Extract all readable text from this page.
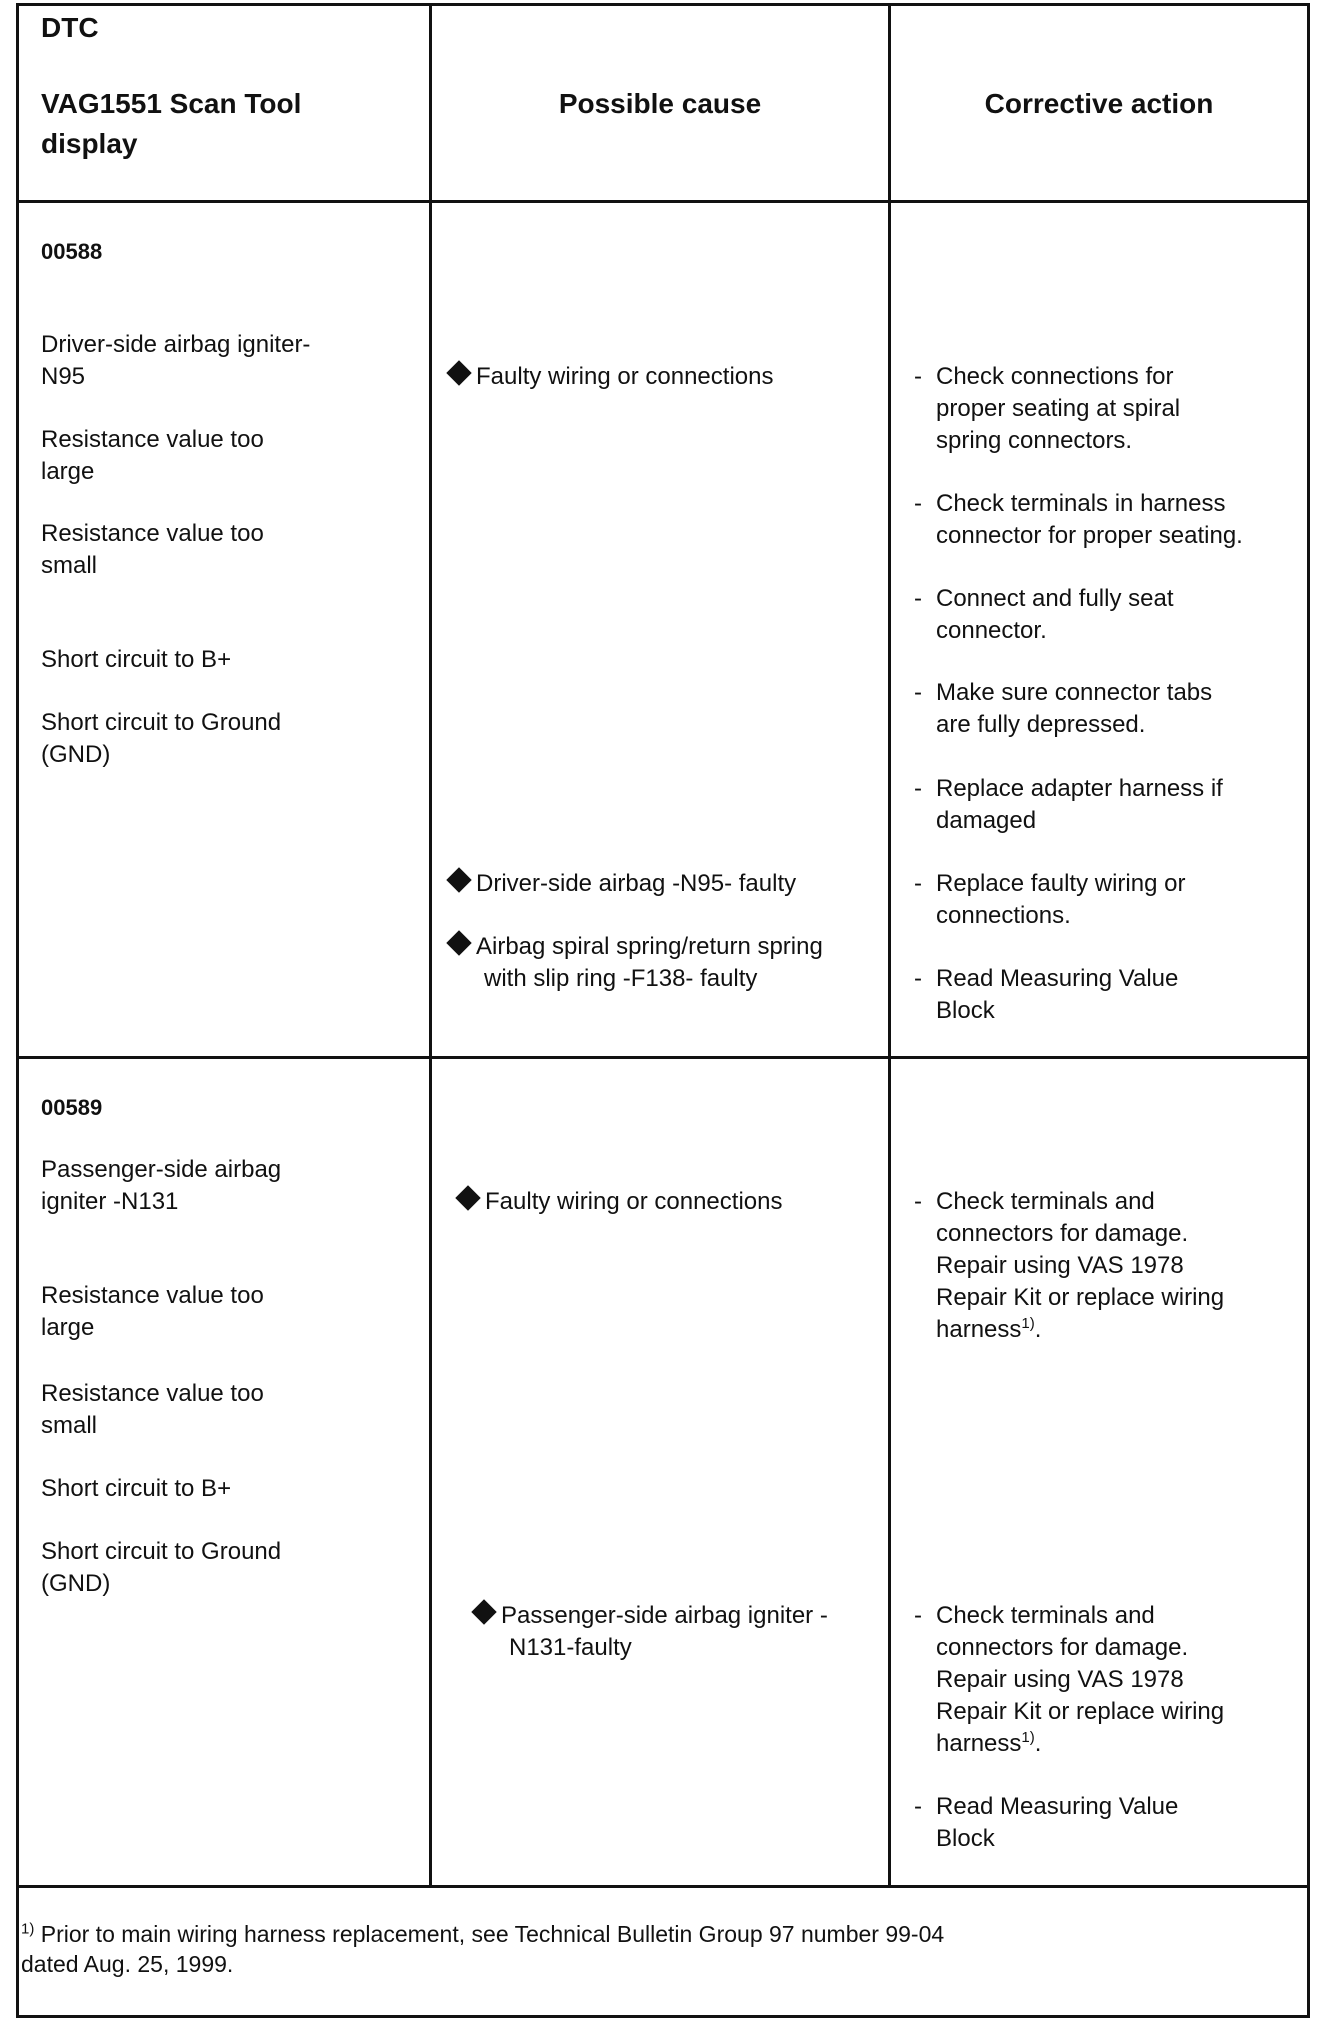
DTC
VAG1551 Scan Tool
display
Possible cause	Corrective action
00588
Driver-side airbag igniter-
N95
Resistance value too
large
Resistance value too
small
Short circuit to B+
Short circuit to Ground
(GND)
Faulty wiring or connections
Driver-side airbag -N95- faulty
Airbag spiral spring/return spring
with slip ring -F138- faulty
- Check connections for
proper seating at spiral
spring connectors.
- Check terminals in harness
connector for proper seating.
- Connect and fully seat
connector.
- Make sure connector tabs
are fully depressed.
- Replace adapter harness if
damaged
- Replace faulty wiring or
connections.
- Read Measuring Value
Block
00589
Passenger-side airbag
igniter -N131
Resistance value too
large
Resistance value too
small
Short circuit to B+
Short circuit to Ground
(GND)
Faulty wiring or connections
Passenger-side airbag igniter -
N131-faulty
- Check terminals and
connectors for damage.
Repair using VAS 1978
Repair Kit or replace wiring
harness$^{1)}$.
- Check terminals and
connectors for damage.
Repair using VAS 1978
Repair Kit or replace wiring
harness$^{1)}$.
- Read Measuring Value
Block
$^{1)}$ Prior to main wiring harness replacement, see Technical Bulletin Group 97 number 99-04
dated Aug. 25, 1999.
